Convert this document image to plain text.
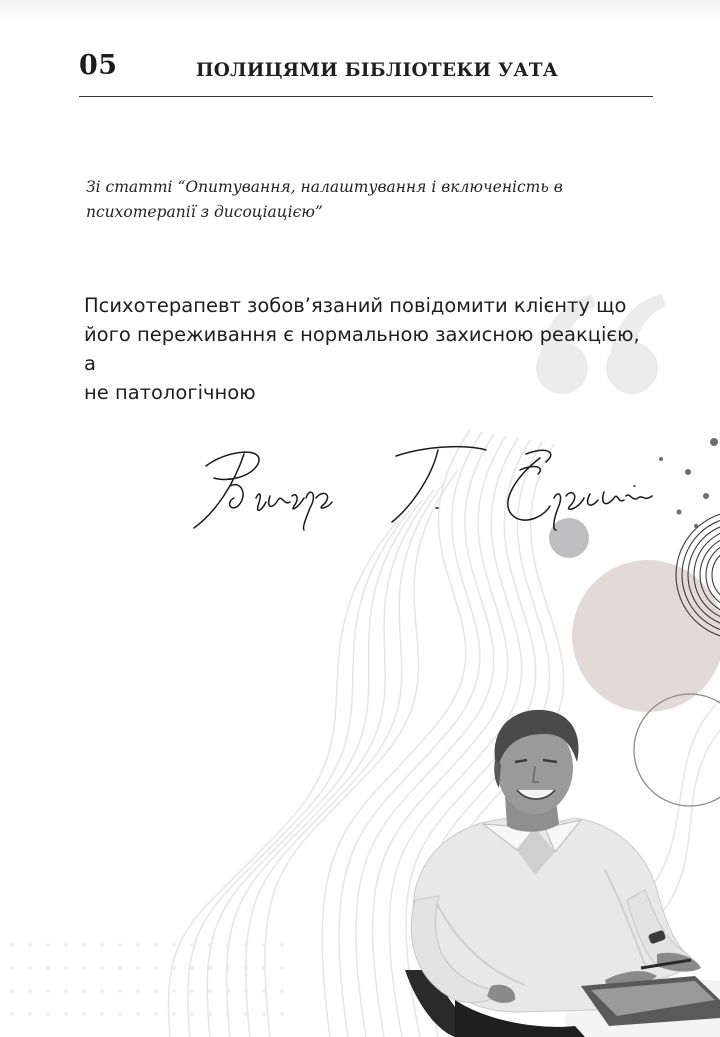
05	ПОЛИЦЯМИ БІБЛІОТЕКИ УАТА
Зі статті “Опитування, налаштування і включеність в
психотерапії з дисоціацією”
Психотерапевт зобов’язаний повідомити клієнту що
його переживання є нормальною захисною реакцією, а
не патологічною
